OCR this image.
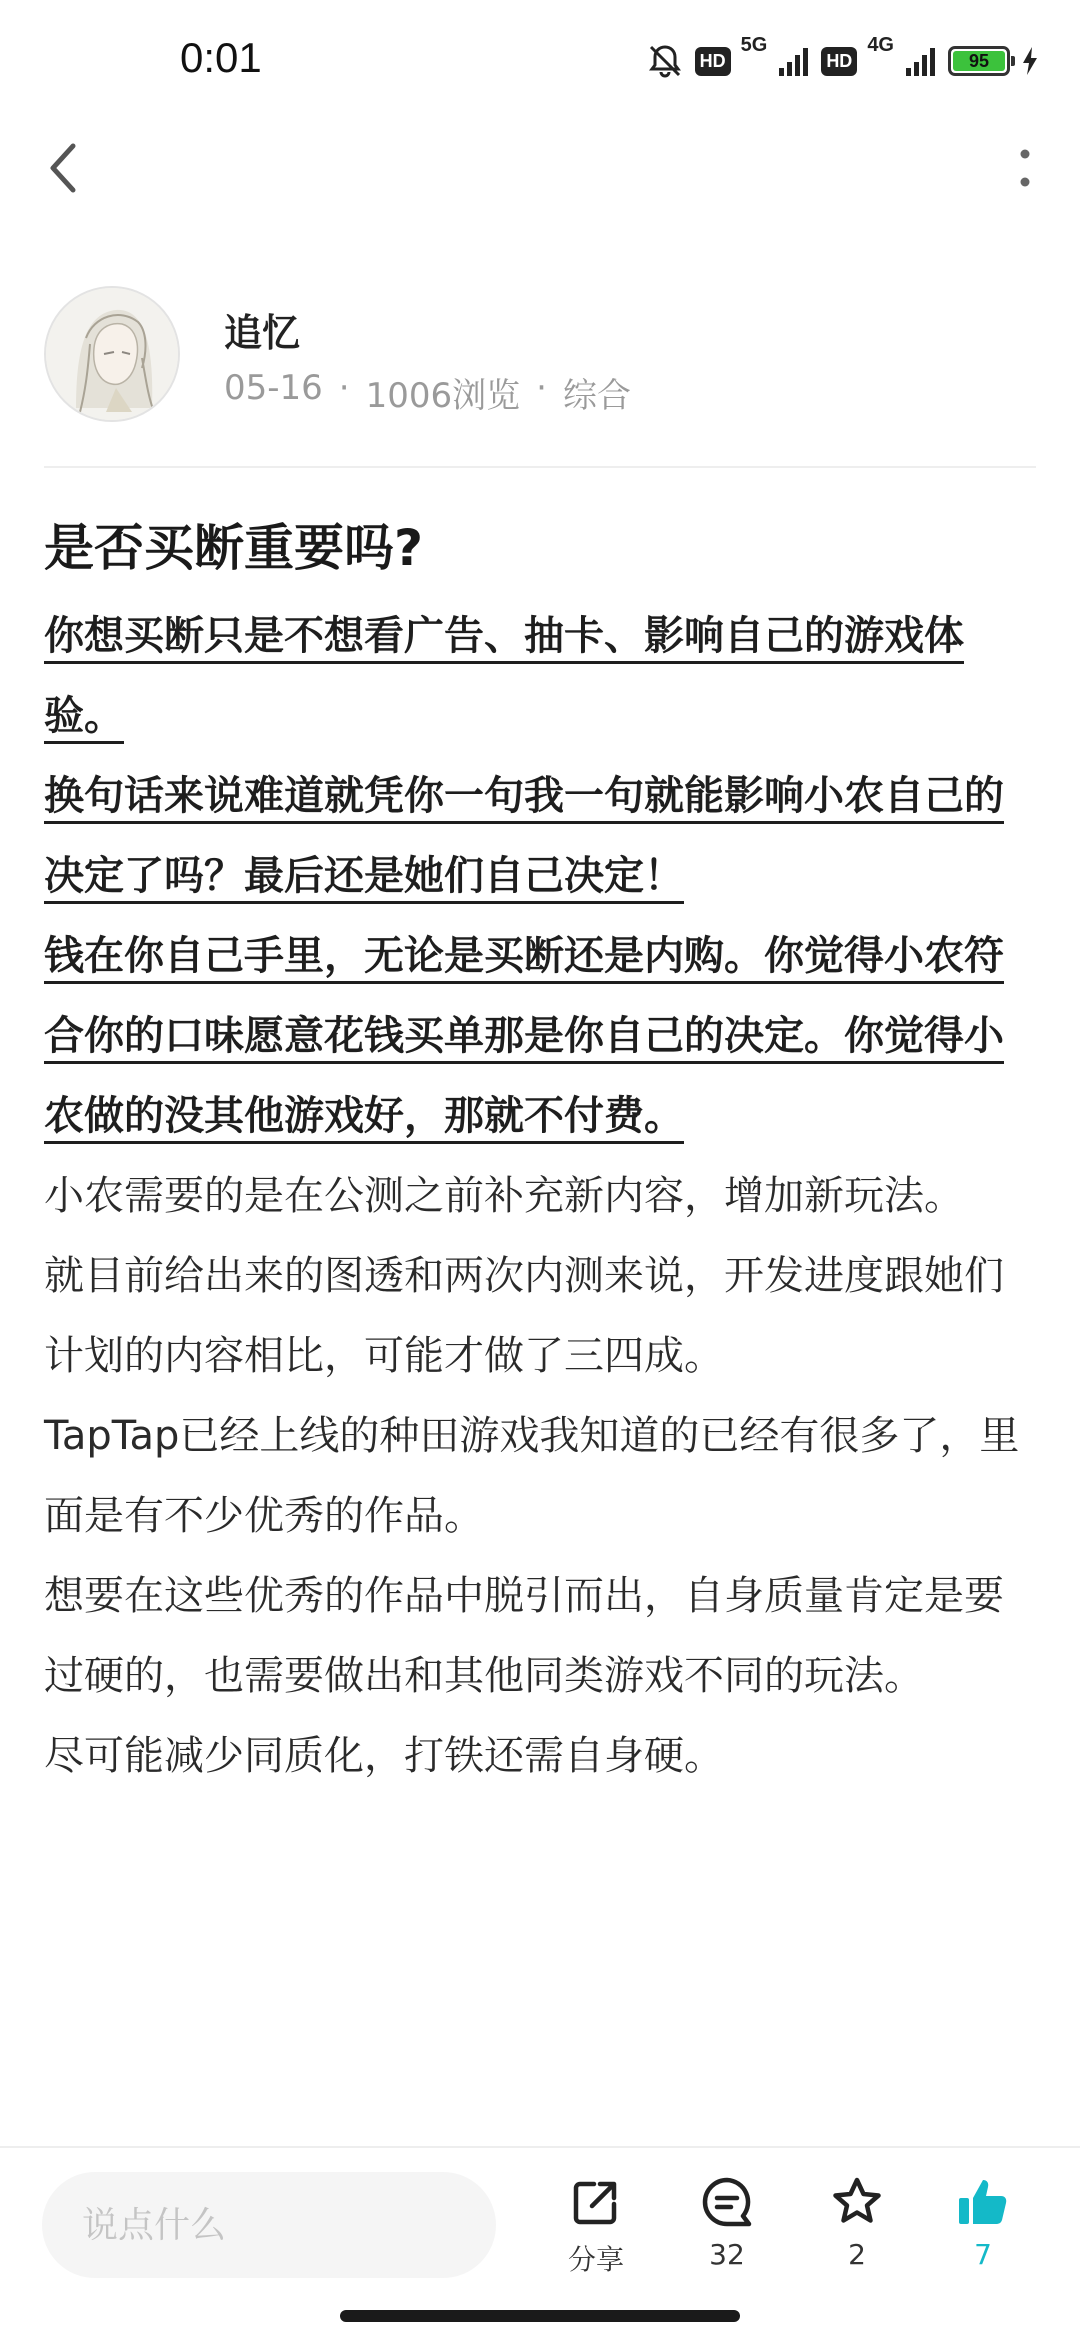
0:01	HD
5G
HD
4G
95
追忆
05-16 · 1006浏览 · 综合
是否买断重要吗?

你想买断只是不想看广告、抽卡、影响自己的游戏体验。

换句话来说难道就凭你一句我一句就能影响小农自己的决定了吗？最后还是她们自己决定！

钱在你自己手里，无论是买断还是内购。你觉得小农符合你的口味愿意花钱买单那是你自己的决定。你觉得小农做的没其他游戏好，那就不付费。

小农需要的是在公测之前补充新内容，增加新玩法。

就目前给出来的图透和两次内测来说，开发进度跟她们计划的内容相比，可能才做了三四成。

TapTap已经上线的种田游戏我知道的已经有很多了，里面是有不少优秀的作品。

想要在这些优秀的作品中脱引而出，自身质量肯定是要过硬的，也需要做出和其他同类游戏不同的玩法。

尽可能减少同质化，打铁还需自身硬。

说点什么
分享	32	2	7
